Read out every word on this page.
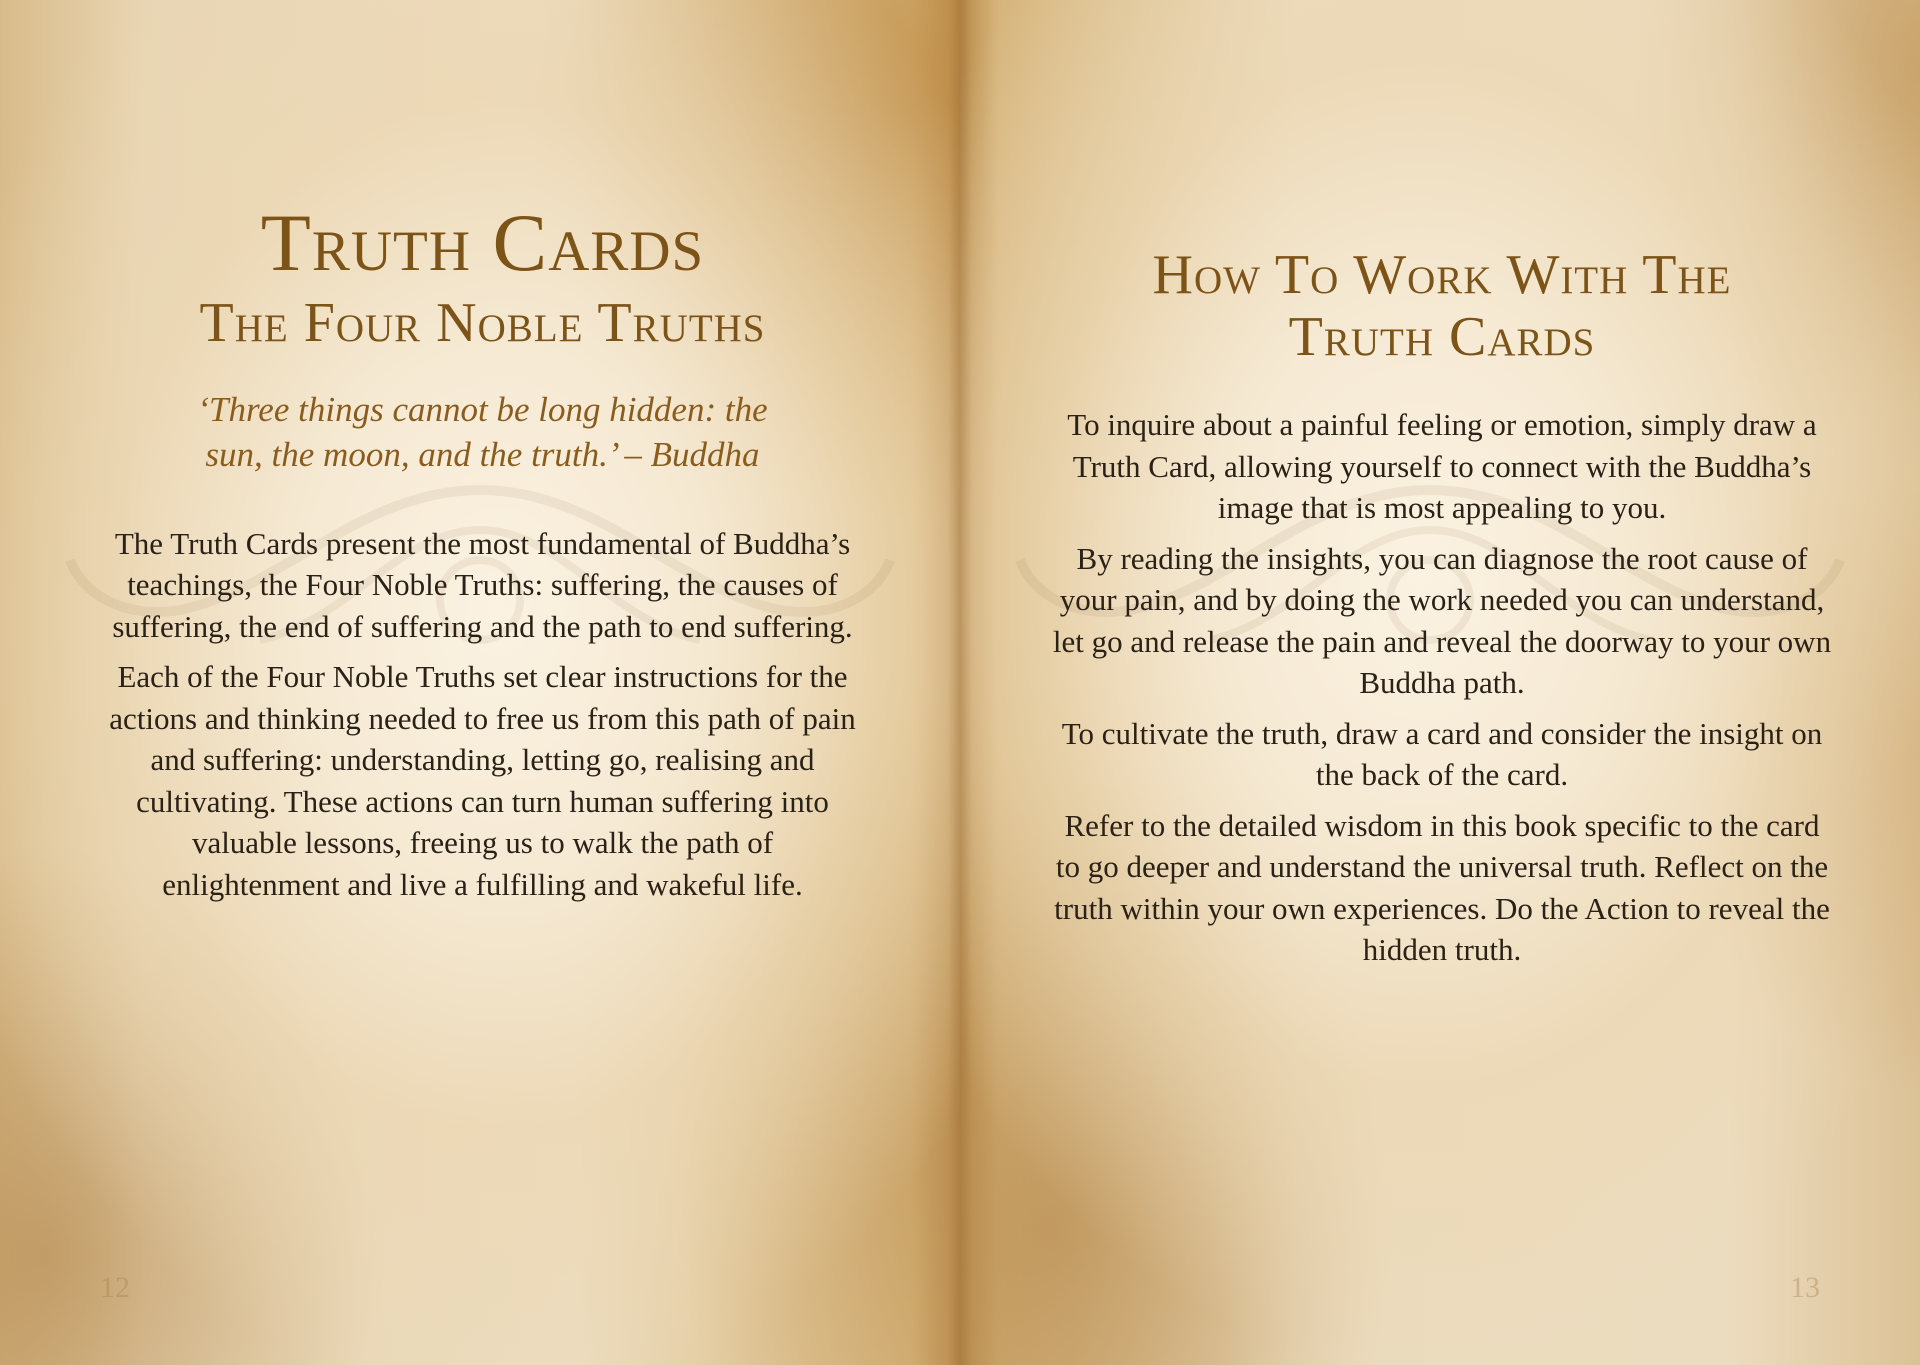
Truth Cards
The Four Noble Truths
‘Three things cannot be long hidden: the
sun, the moon, and the truth.’ – Buddha

The Truth Cards present the most fundamental of Buddha’s teachings, the Four Noble Truths: suffering, the causes of suffering, the end of suffering and the path to end suffering.

Each of the Four Noble Truths set clear instructions for the actions and thinking needed to free us from this path of pain and suffering: understanding, letting go, realising and cultivating. These actions can turn human suffering into valuable lessons, freeing us to walk the path of enlightenment and live a fulfilling and wakeful life.

12
How To Work With The
Truth Cards

To inquire about a painful feeling or emotion, simply draw a Truth Card, allowing yourself to connect with the Buddha’s image that is most appealing to you.

By reading the insights, you can diagnose the root cause of your pain, and by doing the work needed you can understand, let go and release the pain and reveal the doorway to your own Buddha path.

To cultivate the truth, draw a card and consider the insight on the back of the card.

Refer to the detailed wisdom in this book specific to the card to go deeper and understand the universal truth. Reflect on the truth within your own experiences. Do the Action to reveal the hidden truth.

13
